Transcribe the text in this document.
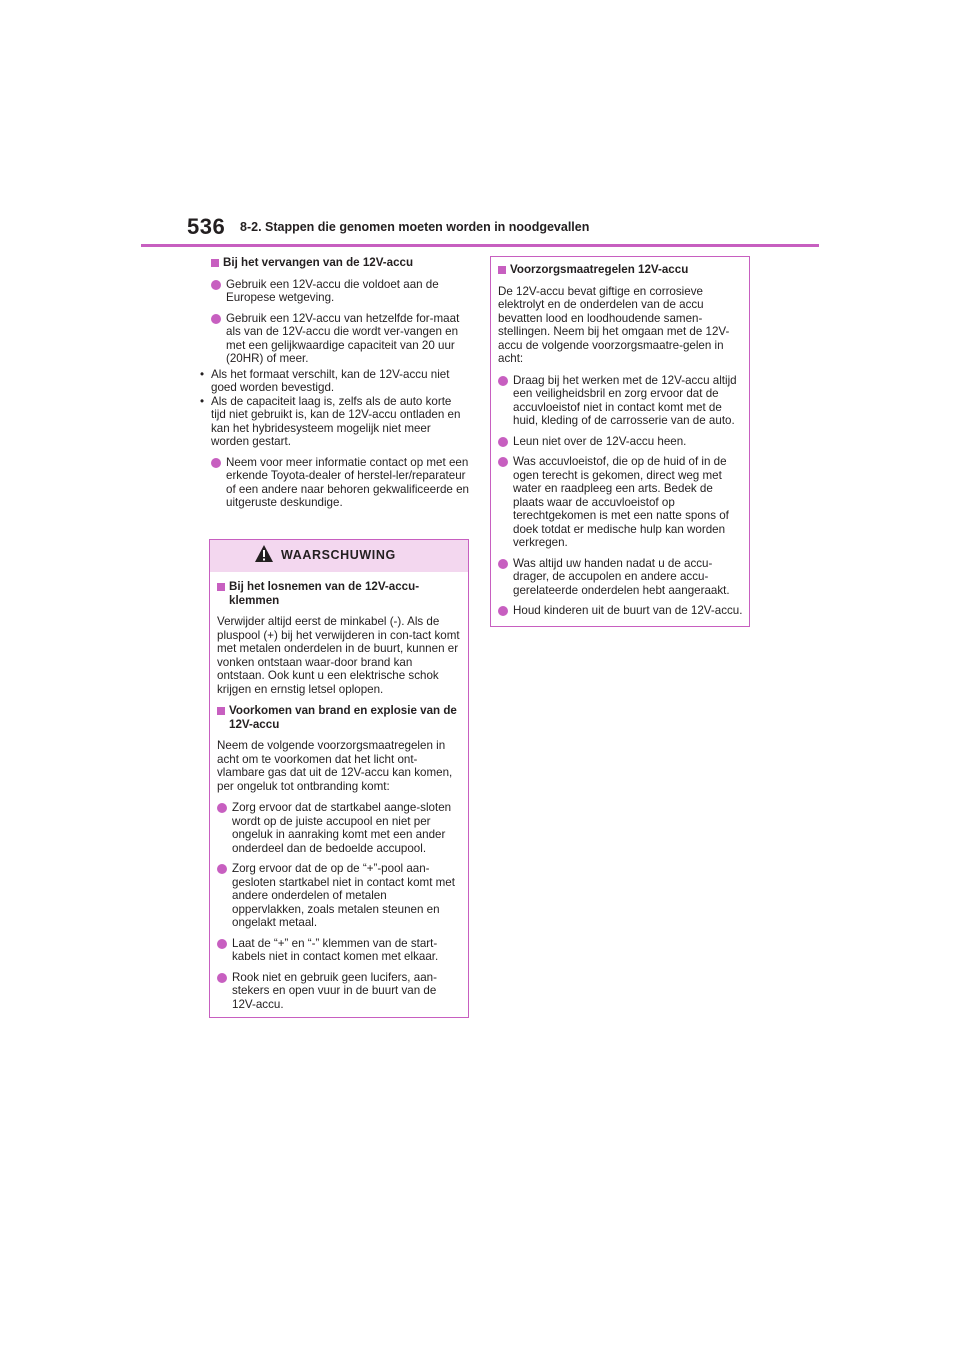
536 8-2. Stappen die genomen moeten worden in noodgevallen
Bij het vervangen van de 12V-accu
Gebruik een 12V-accu die voldoet aan de Europese wetgeving.
Gebruik een 12V-accu van hetzelfde for-maat als van de 12V-accu die wordt ver-vangen en met een gelijkwaardige capaciteit van 20 uur (20HR) of meer.
• Als het formaat verschilt, kan de 12V-accu niet goed worden bevestigd.
• Als de capaciteit laag is, zelfs als de auto korte tijd niet gebruikt is, kan de 12V-accu ontladen en kan het hybridesysteem mogelijk niet meer worden gestart.
Neem voor meer informatie contact op met een erkende Toyota-dealer of herstel-ler/reparateur of een andere naar behoren gekwalificeerde en uitgeruste deskundige.
WAARSCHUWING
Bij het losnemen van de 12V-accu-klemmen
Verwijder altijd eerst de minkabel (-). Als de pluspool (+) bij het verwijderen in con-tact komt met metalen onderdelen in de buurt, kunnen er vonken ontstaan waar-door brand kan ontstaan. Ook kunt u een elektrische schok krijgen en ernstig letsel oplopen.
Voorkomen van brand en explosie van de 12V-accu
Neem de volgende voorzorgsmaatregelen in acht om te voorkomen dat het licht ont-vlambare gas dat uit de 12V-accu kan komen, per ongeluk tot ontbranding komt:
Zorg ervoor dat de startkabel aange-sloten wordt op de juiste accupool en niet per ongeluk in aanraking komt met een ander onderdeel dan de bedoelde accupool.
Zorg ervoor dat de op de “+”-pool aan-gesloten startkabel niet in contact komt met andere onderdelen of metalen oppervlakken, zoals metalen steunen en ongelakt metaal.
Laat de “+” en “-” klemmen van de start-kabels niet in contact komen met elkaar.
Rook niet en gebruik geen lucifers, aan-stekers en open vuur in de buurt van de 12V-accu.
Voorzorgsmaatregelen 12V-accu
De 12V-accu bevat giftige en corrosieve elektrolyt en de onderdelen van de accu bevatten lood en loodhoudende samen-stellingen. Neem bij het omgaan met de 12V-accu de volgende voorzorgsmaatre-gelen in acht:
Draag bij het werken met de 12V-accu altijd een veiligheidsbril en zorg ervoor dat de accuvloeistof niet in contact komt met de huid, kleding of de carrosserie van de auto.
Leun niet over de 12V-accu heen.
Was accuvloeistof, die op de huid of in de ogen terecht is gekomen, direct weg met water en raadpleeg een arts. Bedek de plaats waar de accuvloeistof op terechtgekomen is met een natte spons of doek totdat er medische hulp kan worden verkregen.
Was altijd uw handen nadat u de accu-drager, de accupolen en andere accu-gerelateerde onderdelen hebt aangeraakt.
Houd kinderen uit de buurt van de 12V-accu.
